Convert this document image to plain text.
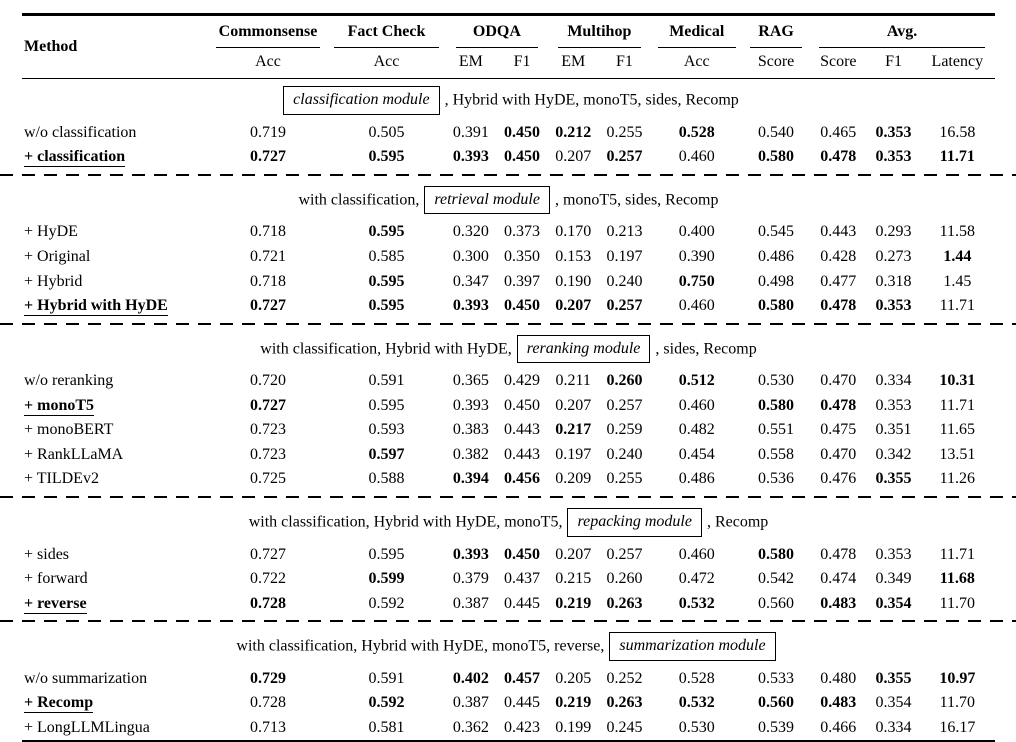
Method	Commonsense	Fact Check	ODQA		Multihop		Medical	RAG	Avg.		

	Acc	Acc	EM	F1	EM	F1	Acc	Score	Score	F1	Latency
classification module , Hybrid with HyDE, monoT5, sides, Recomp											
w/o classification	0.719	0.505	0.391	0.450	0.212	0.255	0.528	0.540	0.465	0.353	16.58
+ classification	0.727	0.595	0.393	0.450	0.207	0.257	0.460	0.580	0.478	0.353	11.71

with classification, retrieval module , monoT5, sides, Recomp											
+ HyDE	0.718	0.595	0.320	0.373	0.170	0.213	0.400	0.545	0.443	0.293	11.58
+ Original	0.721	0.585	0.300	0.350	0.153	0.197	0.390	0.486	0.428	0.273	1.44
+ Hybrid	0.718	0.595	0.347	0.397	0.190	0.240	0.750	0.498	0.477	0.318	1.45
+ Hybrid with HyDE	0.727	0.595	0.393	0.450	0.207	0.257	0.460	0.580	0.478	0.353	11.71

with classification, Hybrid with HyDE, reranking module , sides, Recomp											
w/o reranking	0.720	0.591	0.365	0.429	0.211	0.260	0.512	0.530	0.470	0.334	10.31
+ monoT5	0.727	0.595	0.393	0.450	0.207	0.257	0.460	0.580	0.478	0.353	11.71
+ monoBERT	0.723	0.593	0.383	0.443	0.217	0.259	0.482	0.551	0.475	0.351	11.65
+ RankLLaMA	0.723	0.597	0.382	0.443	0.197	0.240	0.454	0.558	0.470	0.342	13.51
+ TILDEv2	0.725	0.588	0.394	0.456	0.209	0.255	0.486	0.536	0.476	0.355	11.26

with classification, Hybrid with HyDE, monoT5, repacking module , Recomp											
+ sides	0.727	0.595	0.393	0.450	0.207	0.257	0.460	0.580	0.478	0.353	11.71
+ forward	0.722	0.599	0.379	0.437	0.215	0.260	0.472	0.542	0.474	0.349	11.68
+ reverse	0.728	0.592	0.387	0.445	0.219	0.263	0.532	0.560	0.483	0.354	11.70

with classification, Hybrid with HyDE, monoT5, reverse, summarization module											
w/o summarization	0.729	0.591	0.402	0.457	0.205	0.252	0.528	0.533	0.480	0.355	10.97
+ Recomp	0.728	0.592	0.387	0.445	0.219	0.263	0.532	0.560	0.483	0.354	11.70
+ LongLLMLingua	0.713	0.581	0.362	0.423	0.199	0.245	0.530	0.539	0.466	0.334	16.17
